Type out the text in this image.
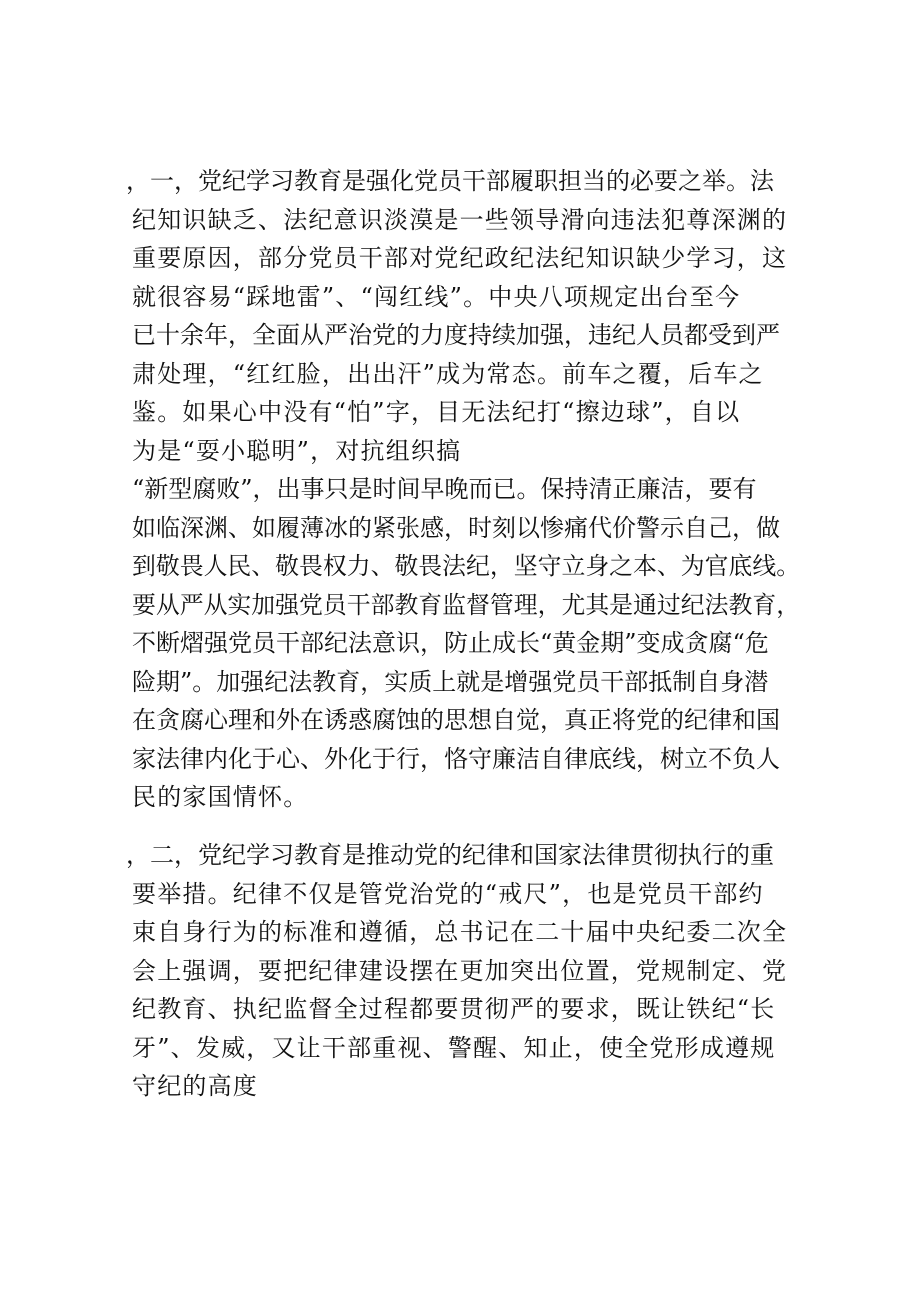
，一，党纪学习教育是强化党员干部履职担当的必要之举。法
纪知识缺乏、法纪意识淡漠是一些领导滑向违法犯尊深渊的
重要原因，部分党员干部对党纪政纪法纪知识缺少学习，这
就很容易“踩地雷”、“闯红线”。中央八项规定出台至今
已十余年，全面从严治党的力度持续加强，违纪人员都受到严
肃处理，“红红脸，出出汗”成为常态。前车之覆，后车之
鉴。如果心中没有“怕”字，目无法纪打“擦边球”，自以
为是“耍小聪明”，对抗组织搞
“新型腐败”，出事只是时间早晚而已。保持清正廉洁，要有
如临深渊、如履薄冰的紧张感，时刻以惨痛代价警示自己，做
到敬畏人民、敬畏权力、敬畏法纪，坚守立身之本、为官底线。
要从严从实加强党员干部教育监督管理，尤其是通过纪法教育，
不断熠强党员干部纪法意识，防止成长“黄金期”变成贪腐“危
险期”。加强纪法教育，实质上就是增强党员干部抵制自身潜
在贪腐心理和外在诱惑腐蚀的思想自觉，真正将党的纪律和国
家法律内化于心、外化于行，恪守廉洁自律底线，树立不负人
民的家国情怀。
，二，党纪学习教育是推动党的纪律和国家法律贯彻执行的重
要举措。纪律不仅是管党治党的“戒尺”，也是党员干部约
束自身行为的标准和遵循，总书记在二十届中央纪委二次全
会上强调，要把纪律建设摆在更加突出位置，党规制定、党
纪教育、执纪监督全过程都要贯彻严的要求，既让铁纪“长
牙”、发威，又让干部重视、警醒、知止，使全党形成遵规
守纪的高度
